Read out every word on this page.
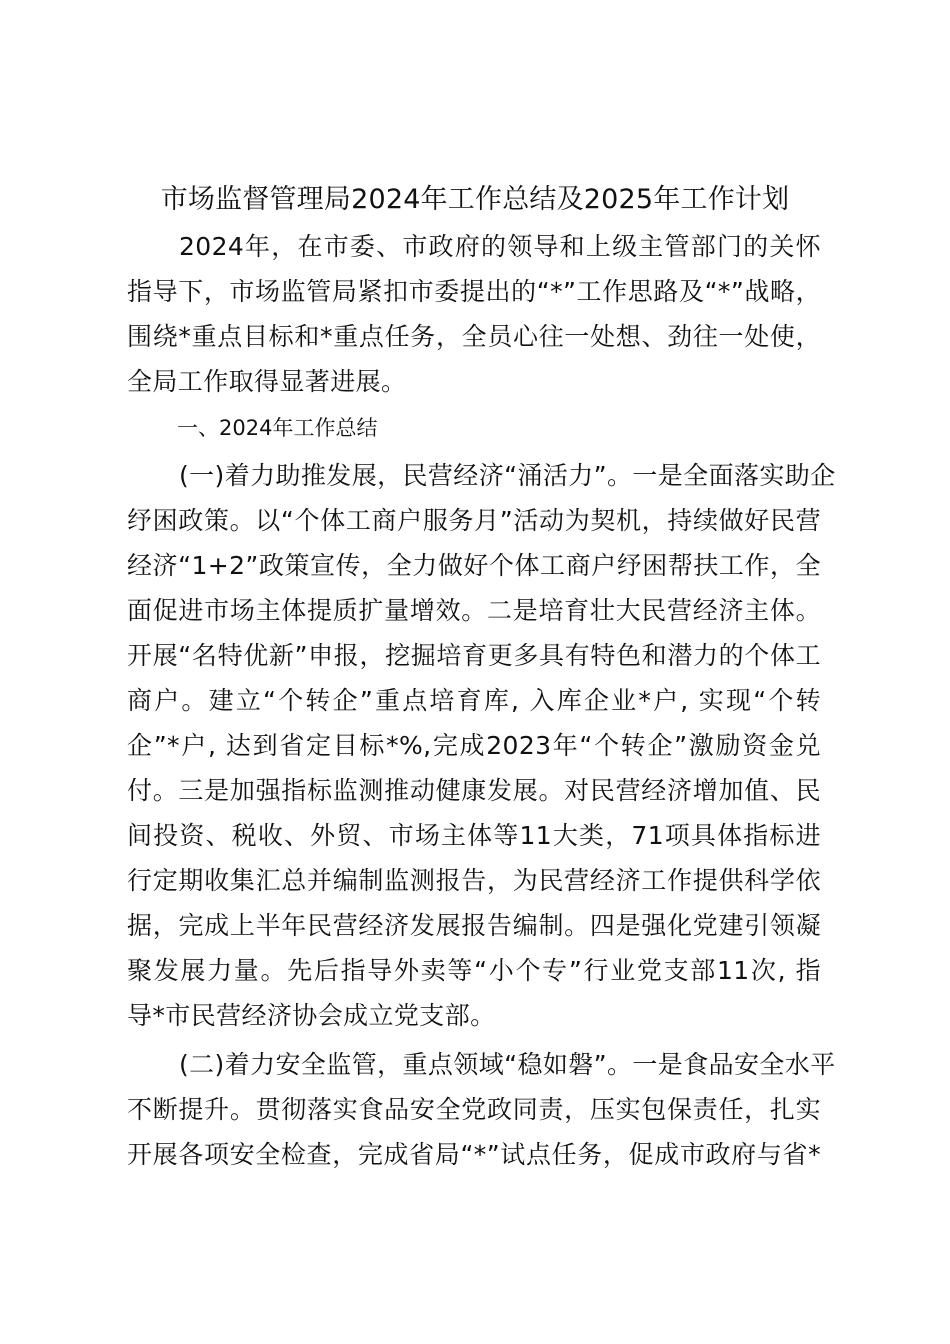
市场监督管理局2024年工作总结及2025年工作计划
2024年，在市委、市政府的领导和上级主管部门的关怀
指导下，市场监管局紧扣市委提出的“*”工作思路及“*”战略，
围绕*重点目标和*重点任务，全员心往一处想、劲往一处使，
全局工作取得显著进展。
一、2024年工作总结
(一)着力助推发展，民营经济“涌活力”。一是全面落实助企
纾困政策。以“个体工商户服务月”活动为契机，持续做好民营
经济“1+2”政策宣传，全力做好个体工商户纾困帮扶工作，全
面促进市场主体提质扩量增效。二是培育壮大民营经济主体。
开展“名特优新”申报，挖掘培育更多具有特色和潜力的个体工
商户。建立“个转企”重点培育库, 入库企业*户, 实现“个转
企”*户, 达到省定目标*%,完成2023年“个转企”激励资金兑
付。三是加强指标监测推动健康发展。对民营经济增加值、民
间投资、税收、外贸、市场主体等11大类，71项具体指标进
行定期收集汇总并编制监测报告，为民营经济工作提供科学依
据，完成上半年民营经济发展报告编制。四是强化党建引领凝
聚发展力量。先后指导外卖等“小个专”行业党支部11次, 指
导*市民营经济协会成立党支部。
(二)着力安全监管，重点领域“稳如磐”。一是食品安全水平
不断提升。贯彻落实食品安全党政同责，压实包保责任，扎实
开展各项安全检查，完成省局“*”试点任务，促成市政府与省*
